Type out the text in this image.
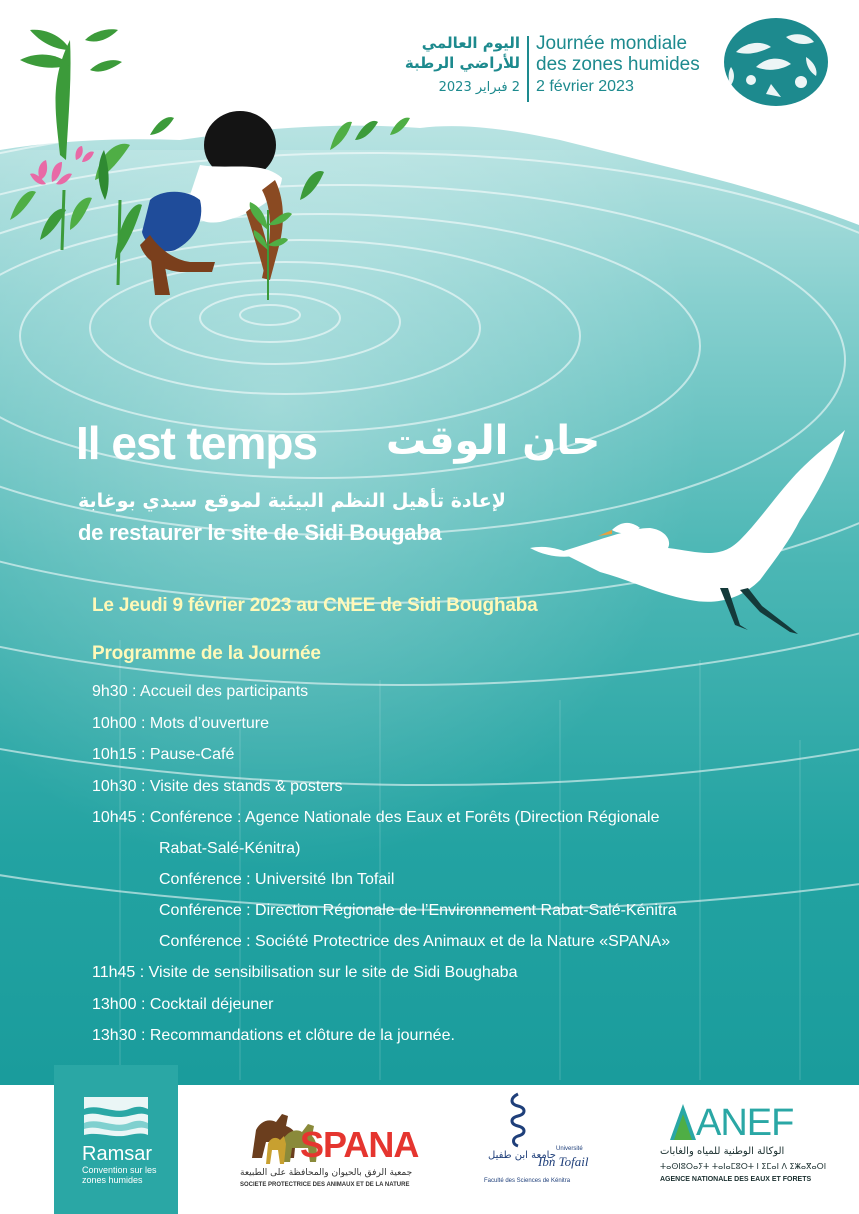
اليوم العالمي
للأراضي الرطبة
2 فبراير 2023
Journée mondiale
des zones humides
2 février 2023
Il est temps حان الوقت
لإعادة تأهيل النظم البيئية لموقع سيدي بوغابة
de restaurer le site de Sidi Bougaba
Le Jeudi 9 février 2023 au CNEE de Sidi Boughaba
Programme de la Journée
9h30 : Accueil des participants
10h00 : Mots d’ouverture
10h15 : Pause-Café
10h30 : Visite des stands & posters
10h45 : Conférence : Agence Nationale des Eaux et Forêts (Direction Régionale
Rabat-Salé-Kénitra)
Conférence : Université Ibn Tofail
Conférence : Direction Régionale de l’Environnement Rabat-Salé-Kénitra
Conférence : Société Protectrice des Animaux et de la Nature «SPANA»
11h45 : Visite de sensibilisation sur le site de Sidi Boughaba
13h00 : Cocktail déjeuner
13h30 : Recommandations et clôture de la journée.
Ramsar
Convention sur les
zones humides
SPANA
جمعية الرفق بالحيوان والمحافظة على الطبيعة
SOCIETE PROTECTRICE DES ANIMAUX ET DE LA NATURE
جامعة ابن طفيل
Université
Ibn Tofail
Faculté des Sciences de Kénitra
ANEF
الوكالة الوطنية للمياه والغابات
ⵜⴰⵙⵏⵓⵔⴰⵢⵜ ⵜⴰⵏⴰⵎⵓⵔⵜ ⵏ ⵉⵎⴰⵏ ⴷ ⵉⵥⴰⴳⴰⵔⵏ
AGENCE NATIONALE DES EAUX ET FORETS
